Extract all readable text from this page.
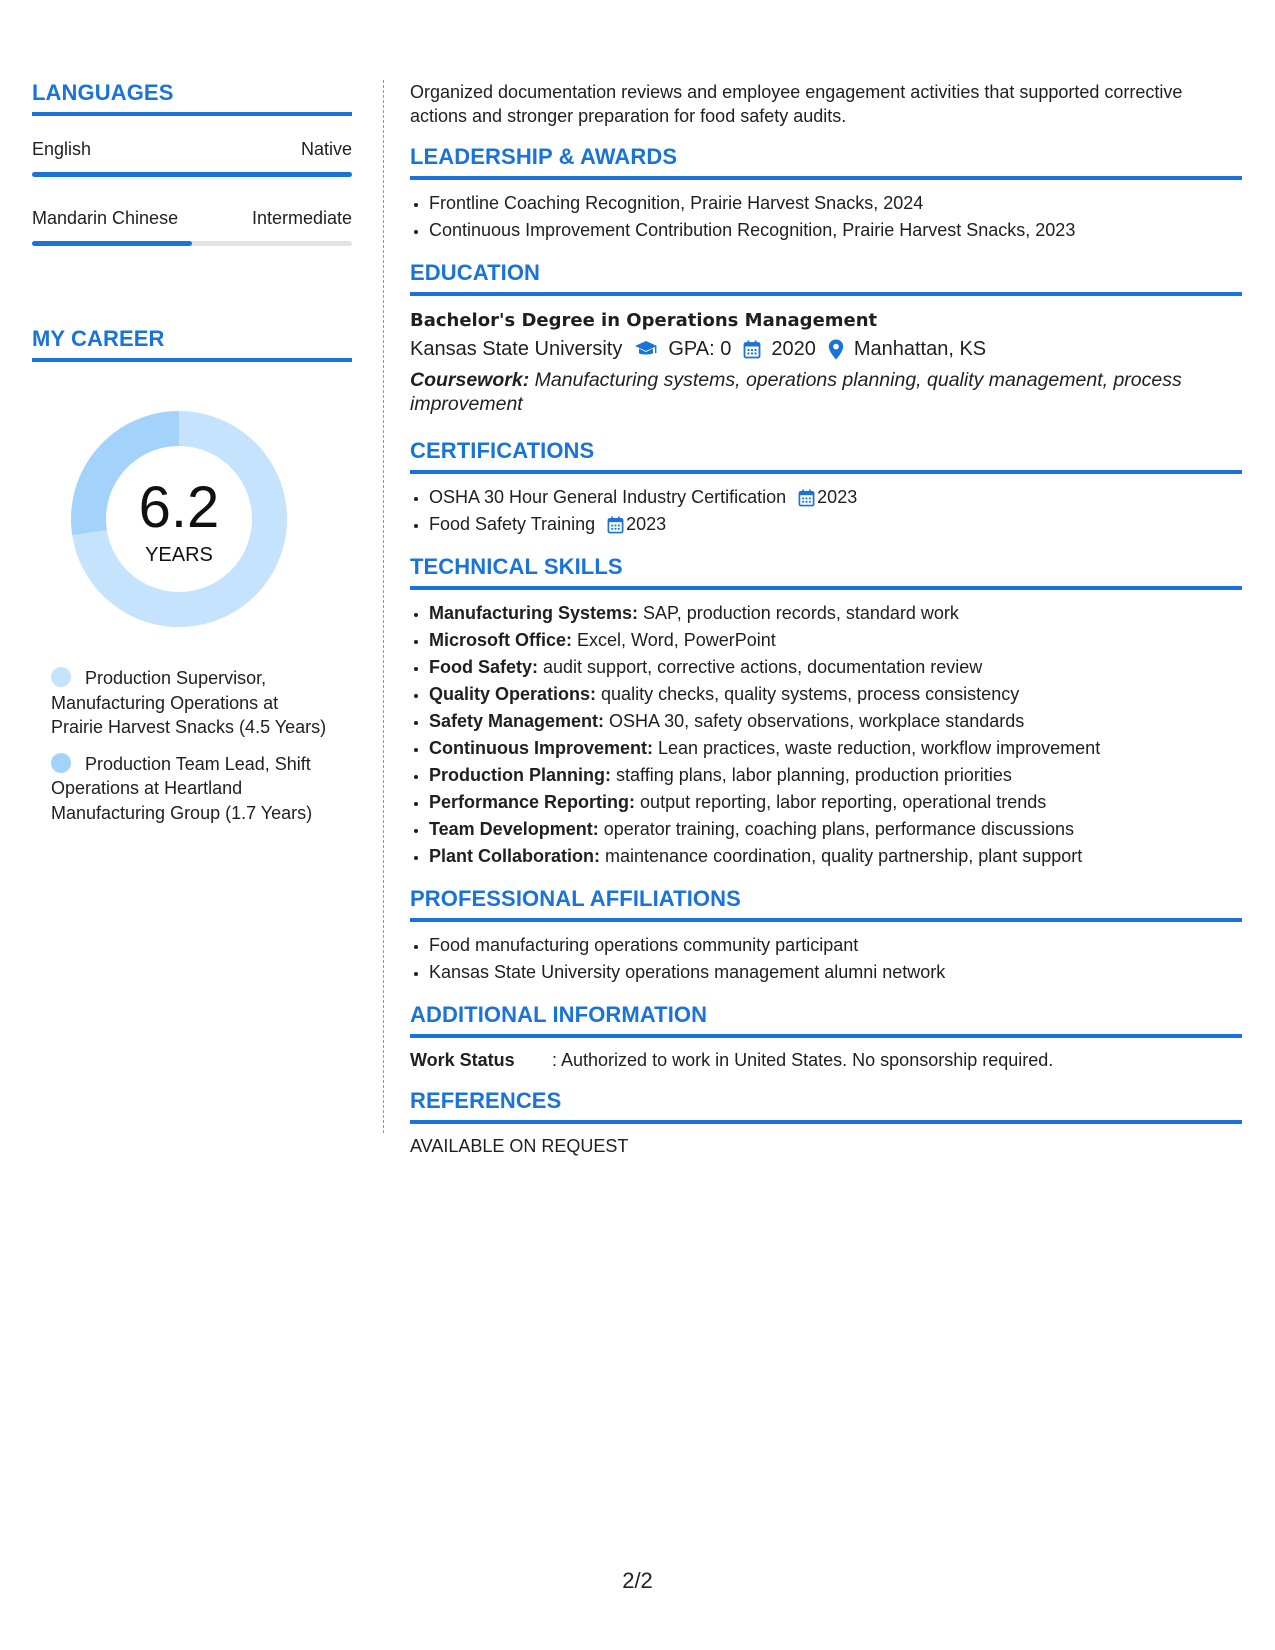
LANGUAGES
English	Native
Mandarin Chinese	Intermediate
MY CAREER
6.2
YEARS
Production Supervisor, Manufacturing Operations at Prairie Harvest Snacks (4.5 Years)
Production Team Lead, Shift Operations at Heartland Manufacturing Group (1.7 Years)

Organized documentation reviews and employee engagement activities that supported corrective actions and stronger preparation for food safety audits.

LEADERSHIP & AWARDS
• Frontline Coaching Recognition, Prairie Harvest Snacks, 2024
• Continuous Improvement Contribution Recognition, Prairie Harvest Snacks, 2023
EDUCATION
Bachelor's Degree in Operations Management
Kansas State University GPA: 0 2020 Manhattan, KS
Coursework: Manufacturing systems, operations planning, quality management, process improvement
CERTIFICATIONS
• OSHA 30 Hour General Industry Certification 2023
• Food Safety Training 2023
TECHNICAL SKILLS
• Manufacturing Systems: SAP, production records, standard work
• Microsoft Office: Excel, Word, PowerPoint
• Food Safety: audit support, corrective actions, documentation review
• Quality Operations: quality checks, quality systems, process consistency
• Safety Management: OSHA 30, safety observations, workplace standards
• Continuous Improvement: Lean practices, waste reduction, workflow improvement
• Production Planning: staffing plans, labor planning, production priorities
• Performance Reporting: output reporting, labor reporting, operational trends
• Team Development: operator training, coaching plans, performance discussions
• Plant Collaboration: maintenance coordination, quality partnership, plant support
PROFESSIONAL AFFILIATIONS
• Food manufacturing operations community participant
• Kansas State University operations management alumni network
ADDITIONAL INFORMATION
Work Status	: Authorized to work in United States. No sponsorship required.
REFERENCES
AVAILABLE ON REQUEST
2/2
